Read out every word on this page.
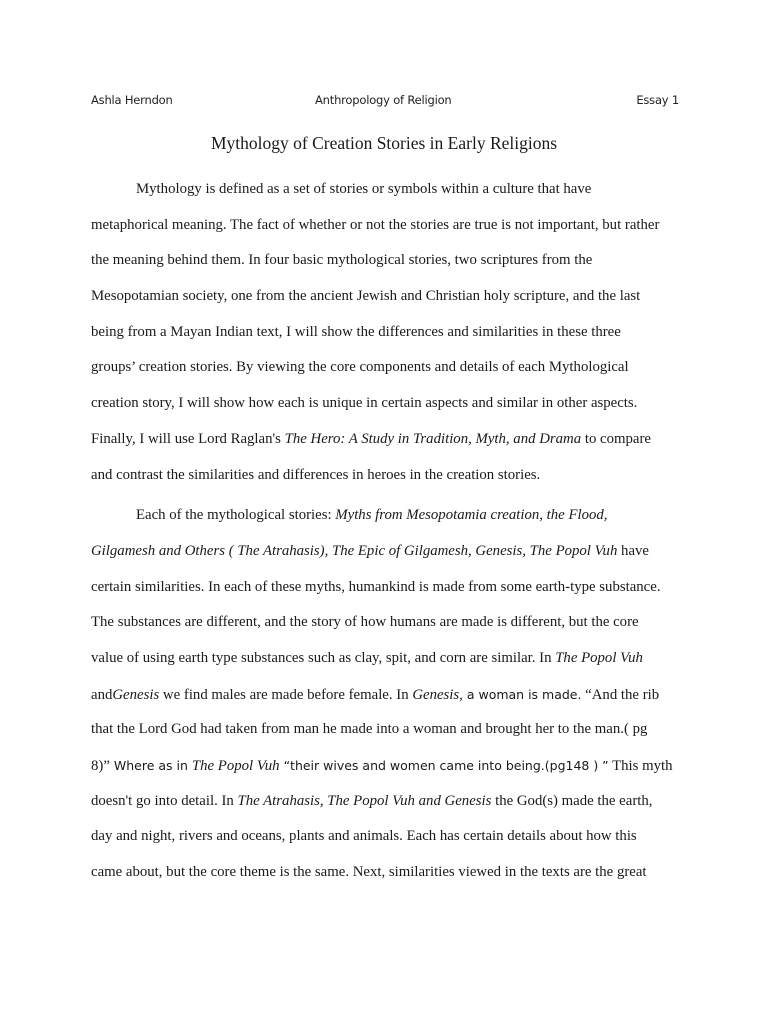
Ashla Herndon	Anthropology of Religion	Essay 1
Mythology of Creation Stories in Early Religions
Mythology is defined as a set of stories or symbols within a culture that have
metaphorical meaning. The fact of whether or not the stories are true is not important, but rather
the meaning behind them. In four basic mythological stories, two scriptures from the
Mesopotamian society, one from the ancient Jewish and Christian holy scripture, and the last
being from a Mayan Indian text, I will show the differences and similarities in these three
groups’ creation stories. By viewing the core components and details of each Mythological
creation story, I will show how each is unique in certain aspects and similar in other aspects.
Finally, I will use Lord Raglan's The Hero: A Study in Tradition, Myth, and Drama to compare
and contrast the similarities and differences in heroes in the creation stories.
Each of the mythological stories: Myths from Mesopotamia creation, the Flood,
Gilgamesh and Others ( The Atrahasis), The Epic of Gilgamesh, Genesis, The Popol Vuh have
certain similarities. In each of these myths, humankind is made from some earth-type substance.
The substances are different, and the story of how humans are made is different, but the core
value of using earth type substances such as clay, spit, and corn are similar. In The Popol Vuh
andGenesis we find males are made before female. In Genesis, a woman is made. “And the rib
that the Lord God had taken from man he made into a woman and brought her to the man.( pg
8)” Where as in The Popol Vuh “their wives and women came into being.(pg148 ) ” This myth
doesn't go into detail. In The Atrahasis, The Popol Vuh and Genesis the God(s) made the earth,
day and night, rivers and oceans, plants and animals. Each has certain details about how this
came about, but the core theme is the same. Next, similarities viewed in the texts are the great
